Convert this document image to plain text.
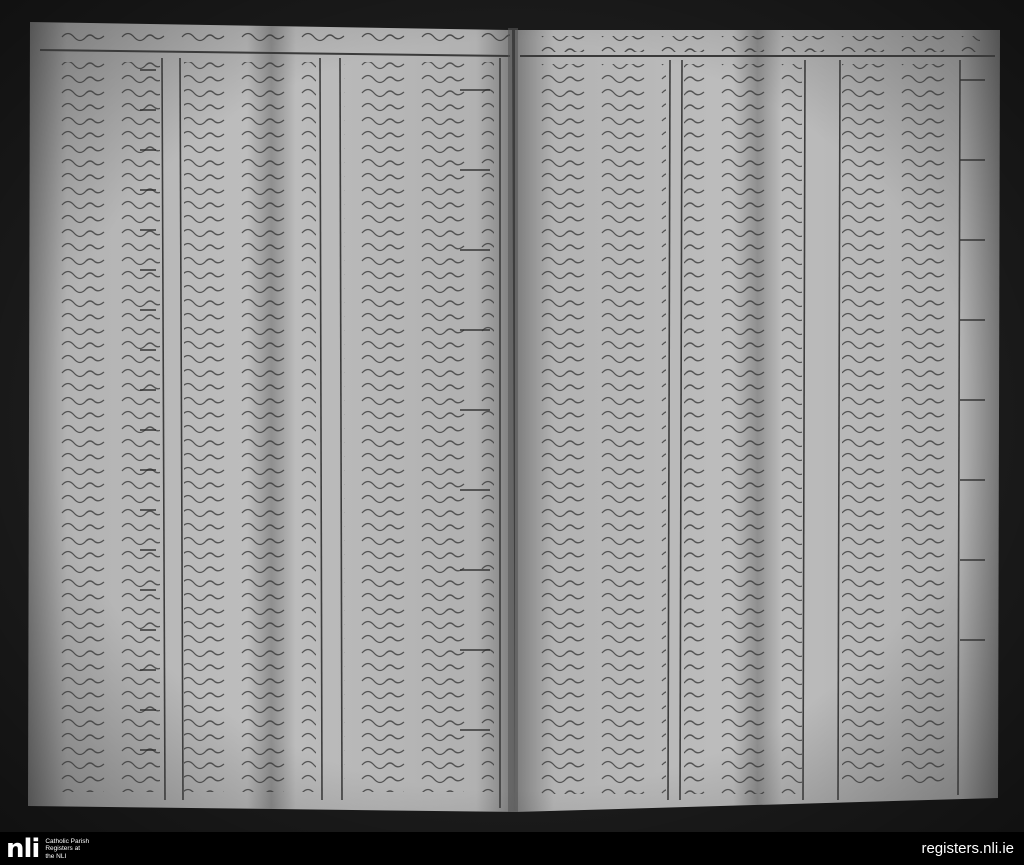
nli Catholic Parish
Registers at
the NLI	registers.nli.ie
